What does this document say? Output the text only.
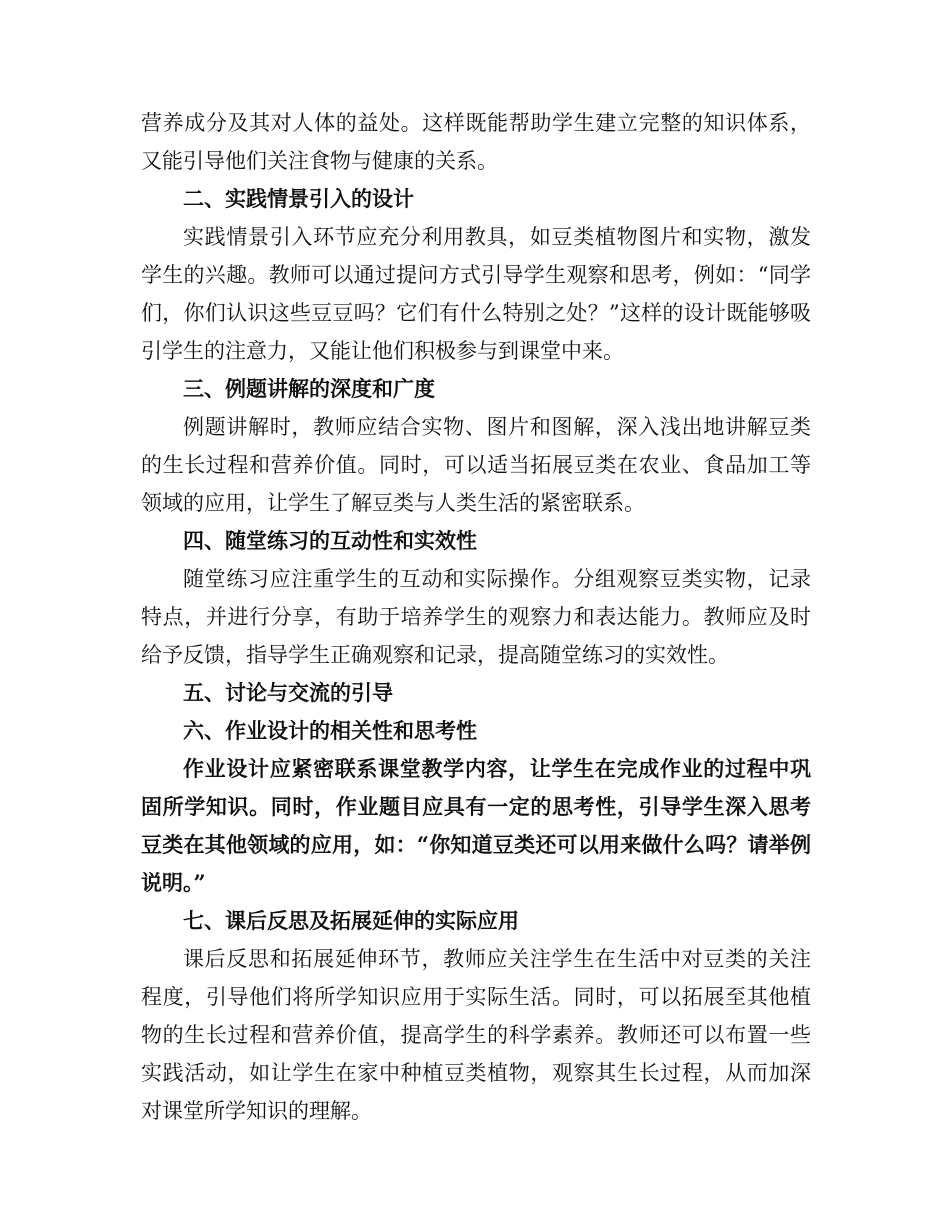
营养成分及其对人体的益处。这样既能帮助学生建立完整的知识体系，又能引导他们关注食物与健康的关系。

二、实践情景引入的设计

实践情景引入环节应充分利用教具，如豆类植物图片和实物，激发学生的兴趣。教师可以通过提问方式引导学生观察和思考，例如：“同学们，你们认识这些豆豆吗？它们有什么特别之处？”这样的设计既能够吸引学生的注意力，又能让他们积极参与到课堂中来。

三、例题讲解的深度和广度

例题讲解时，教师应结合实物、图片和图解，深入浅出地讲解豆类的生长过程和营养价值。同时，可以适当拓展豆类在农业、食品加工等领域的应用，让学生了解豆类与人类生活的紧密联系。

四、随堂练习的互动性和实效性

随堂练习应注重学生的互动和实际操作。分组观察豆类实物，记录特点，并进行分享，有助于培养学生的观察力和表达能力。教师应及时给予反馈，指导学生正确观察和记录，提高随堂练习的实效性。

五、讨论与交流的引导

六、作业设计的相关性和思考性

作业设计应紧密联系课堂教学内容，让学生在完成作业的过程中巩固所学知识。同时，作业题目应具有一定的思考性，引导学生深入思考豆类在其他领域的应用，如：“你知道豆类还可以用来做什么吗？请举例说明。”

七、课后反思及拓展延伸的实际应用

课后反思和拓展延伸环节，教师应关注学生在生活中对豆类的关注程度，引导他们将所学知识应用于实际生活。同时，可以拓展至其他植物的生长过程和营养价值，提高学生的科学素养。教师还可以布置一些实践活动，如让学生在家中种植豆类植物，观察其生长过程，从而加深对课堂所学知识的理解。
